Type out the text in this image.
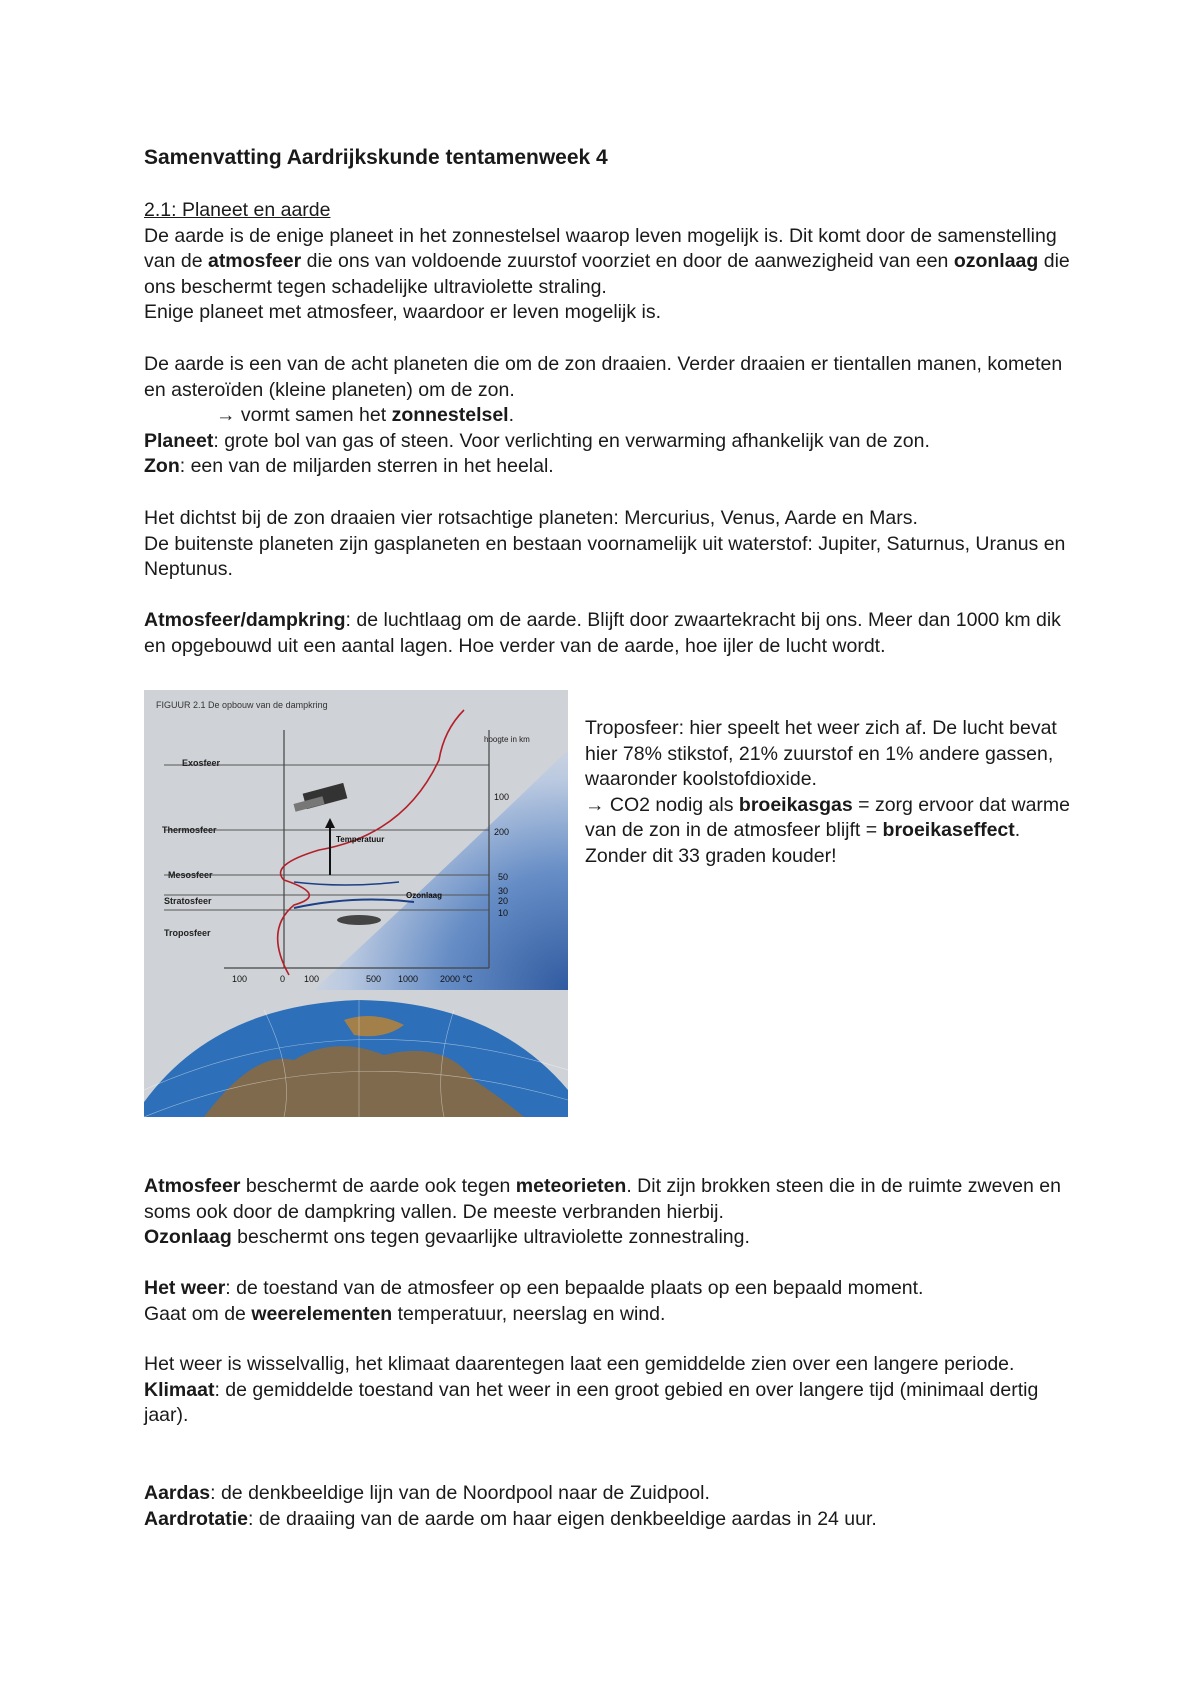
Samenvatting Aardrijkskunde tentamenweek 4

2.1: Planeet en aarde

De aarde is de enige planeet in het zonnestelsel waarop leven mogelijk is. Dit komt door de samenstelling van de atmosfeer die ons van voldoende zuurstof voorziet en door de aanwezigheid van een ozonlaag die ons beschermt tegen schadelijke ultraviolette straling.

Enige planeet met atmosfeer, waardoor er leven mogelijk is.

De aarde is een van de acht planeten die om de zon draaien. Verder draaien er tientallen manen, kometen en asteroïden (kleine planeten) om de zon.

→ vormt samen het zonnestelsel.

Planeet: grote bol van gas of steen. Voor verlichting en verwarming afhankelijk van de zon.

Zon: een van de miljarden sterren in het heelal.

Het dichtst bij de zon draaien vier rotsachtige planeten: Mercurius, Venus, Aarde en Mars.

De buitenste planeten zijn gasplaneten en bestaan voornamelijk uit waterstof: Jupiter, Saturnus, Uranus en Neptunus.

Atmosfeer/dampkring: de luchtlaag om de aarde. Blijft door zwaartekracht bij ons. Meer dan 1000 km dik en opgebouwd uit een aantal lagen. Hoe verder van de aarde, hoe ijler de lucht wordt.

Atmosfeer beschermt de aarde ook tegen meteorieten. Dit zijn brokken steen die in de ruimte zweven en soms ook door de dampkring vallen. De meeste verbranden hierbij.

Ozonlaag beschermt ons tegen gevaarlijke ultraviolette zonnestraling.

Het weer: de toestand van de atmosfeer op een bepaalde plaats op een bepaald moment.

Gaat om de weerelementen temperatuur, neerslag en wind.

Het weer is wisselvallig, het klimaat daarentegen laat een gemiddelde zien over een langere periode.

Klimaat: de gemiddelde toestand van het weer in een groot gebied en over langere tijd (minimaal dertig jaar).

Aardas: de denkbeeldige lijn van de Noordpool naar de Zuidpool.

Aardrotatie: de draaiing van de aarde om haar eigen denkbeeldige aardas in 24 uur.

FIGUUR 2.1 De opbouw van de dampkring
Exosfeer
Thermosfeer
Mesosfeer
Stratosfeer
Troposfeer
hoogte in km
100
200
50
30
20
10
Temperatuur
Ozonlaag
100	0 100	500 1000 2000 °C

Troposfeer: hier speelt het weer zich af. De lucht bevat hier 78% stikstof, 21% zuurstof en 1% andere gassen, waaronder koolstofdioxide.

→ CO2 nodig als broeikasgas = zorg ervoor dat warme van de zon in de atmosfeer blijft = broeikaseffect. Zonder dit 33 graden kouder!
